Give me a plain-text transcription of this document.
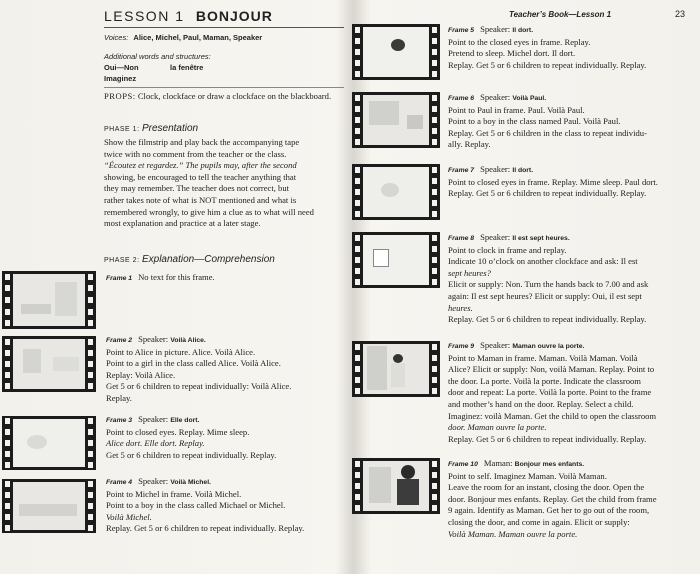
LESSON 1 BONJOUR
Voices: Alice, Michel, Paul, Maman, Speaker
Additional words and structures:
Oui—Non	la fenêtre
Imaginez
PROPS: Clock, clockface or draw a clockface on the blackboard.
PHASE 1: Presentation
Show the filmstrip and play back the accompanying tape
twice with no comment from the teacher or the class.
“Écoutez et regardez.” The pupils may, after the second
showing, be encouraged to tell the teacher anything that
they may remember. The teacher does not correct, but
rather takes note of what is NOT mentioned and what is
remembered wrongly, to give him a clue as to what will need
most explanation and practice at a later stage.
PHASE 2: Explanation—Comprehension

Frame 1 No text for this frame.

Frame 2 Speaker: Voilà Alice.

Point to Alice in picture. Alice. Voilà Alice.

Point to a girl in the class called Alice. Voilà Alice.

Replay: Voilà Alice.

Get 5 or 6 children to repeat individually: Voilà Alice.

Replay.

Frame 3 Speaker: Elle dort.

Point to closed eyes. Replay. Mime sleep.

Alice dort. Elle dort. Replay.

Get 5 or 6 children to repeat individually. Replay.

Frame 4 Speaker: Voilà Michel.

Point to Michel in frame. Voilà Michel.

Point to a boy in the class called Michael or Michel.

Voilà Michel.

Replay. Get 5 or 6 children to repeat individually. Replay.

Teacher’s Book—Lesson 1	23

Frame 5 Speaker: Il dort.

Point to the closed eyes in frame. Replay.

Pretend to sleep. Michel dort. Il dort.

Replay. Get 5 or 6 children to repeat individually. Replay.

Frame 6 Speaker: Voilà Paul.

Point to Paul in frame. Paul. Voilà Paul.

Point to a boy in the class named Paul. Voilà Paul.

Replay. Get 5 or 6 children in the class to repeat individu-

ally. Replay.

Frame 7 Speaker: Il dort.

Point to closed eyes in frame. Replay. Mime sleep. Paul dort.

Replay. Get 5 or 6 children to repeat individually. Replay.

Frame 8 Speaker: Il est sept heures.

Point to clock in frame and replay.

Indicate 10 o’clock on another clockface and ask: Il est

sept heures?

Elicit or supply: Non. Turn the hands back to 7.00 and ask

again: Il est sept heures? Elicit or supply: Oui, il est sept

heures.

Replay. Get 5 or 6 children to repeat individually. Replay.

Frame 9 Speaker: Maman ouvre la porte.

Point to Maman in frame. Maman. Voilà Maman. Voilà

Alice? Elicit or supply: Non, voilà Maman. Replay. Point to

the door. La porte. Voilà la porte. Indicate the classroom

door and repeat: La porte. Voilà la porte. Point to the frame

and mother’s hand on the door. Replay. Select a child.

Imaginez: voilà Maman. Get the child to open the classroom

door. Maman ouvre la porte.

Replay. Get 5 or 6 children to repeat individually. Replay.

Frame 10 Maman: Bonjour mes enfants.

Point to self. Imaginez Maman. Voilà Maman.

Leave the room for an instant, closing the door. Open the

door. Bonjour mes enfants. Replay. Get the child from frame

9 again. Identify as Maman. Get her to go out of the room,

closing the door, and come in again. Elicit or supply:

Voilà Maman. Maman ouvre la porte.
